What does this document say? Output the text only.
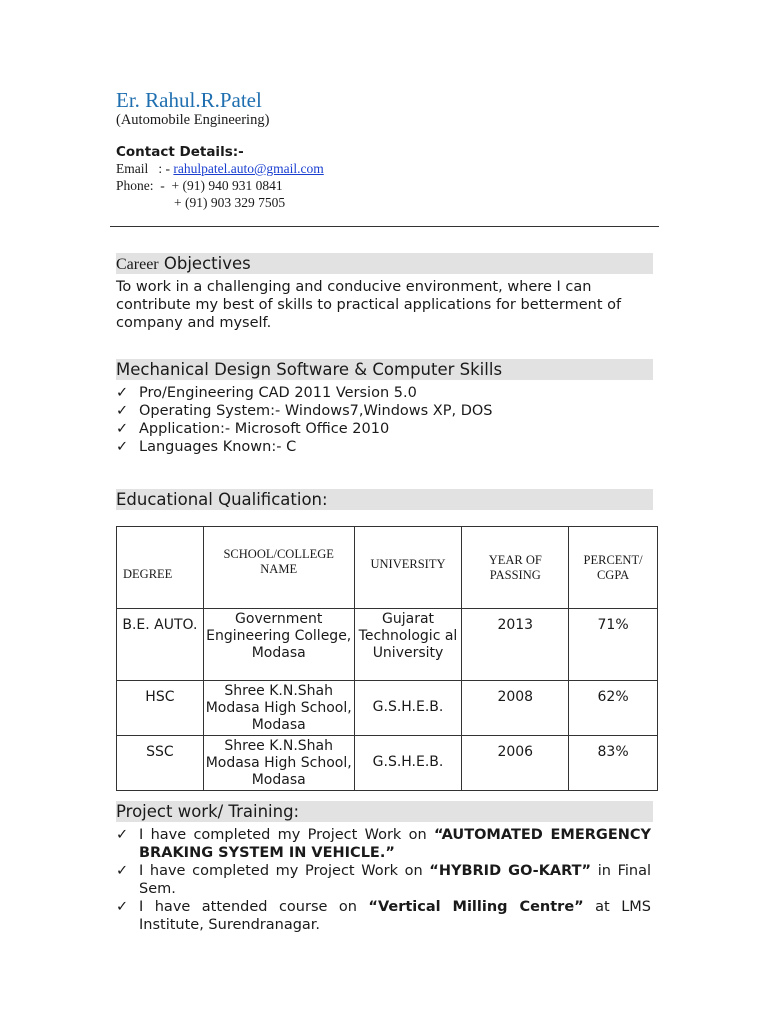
Er. Rahul.R.Patel
(Automobile Engineering)
Contact Details:-
Email   : - rahulpatel.auto@gmail.com
Phone:  -  + (91) 940 931 0841
+ (91) 903 329 7505
Career Objectives
To work in a challenging and conducive environment, where I can contribute my best of skills to practical applications for betterment of company and myself.
Mechanical Design Software & Computer Skills
✓ Pro/Engineering CAD 2011 Version 5.0
✓ Operating System:- Windows7,Windows XP, DOS
✓ Application:- Microsoft Office 2010
✓ Languages Known:- C
Educational Qualification:
DEGREE	SCHOOL/COLLEGE NAME	UNIVERSITY	YEAR OF PASSING	PERCENT/ CGPA
B.E. AUTO.	Government Engineering College, Modasa	Gujarat Technologic al University	2013	71%
HSC	Shree K.N.Shah Modasa High School, Modasa	G.S.H.E.B.	2008	62%
SSC	Shree K.N.Shah Modasa High School, Modasa	G.S.H.E.B.	2006	83%
Project work/ Training:
✓ I have completed my Project Work on “AUTOMATED EMERGENCY BRAKING SYSTEM IN VEHICLE.”
✓ I have completed my Project Work on “HYBRID GO-KART” in Final Sem.
✓ I have attended course on “Vertical Milling Centre” at LMS Institute, Surendranagar.
